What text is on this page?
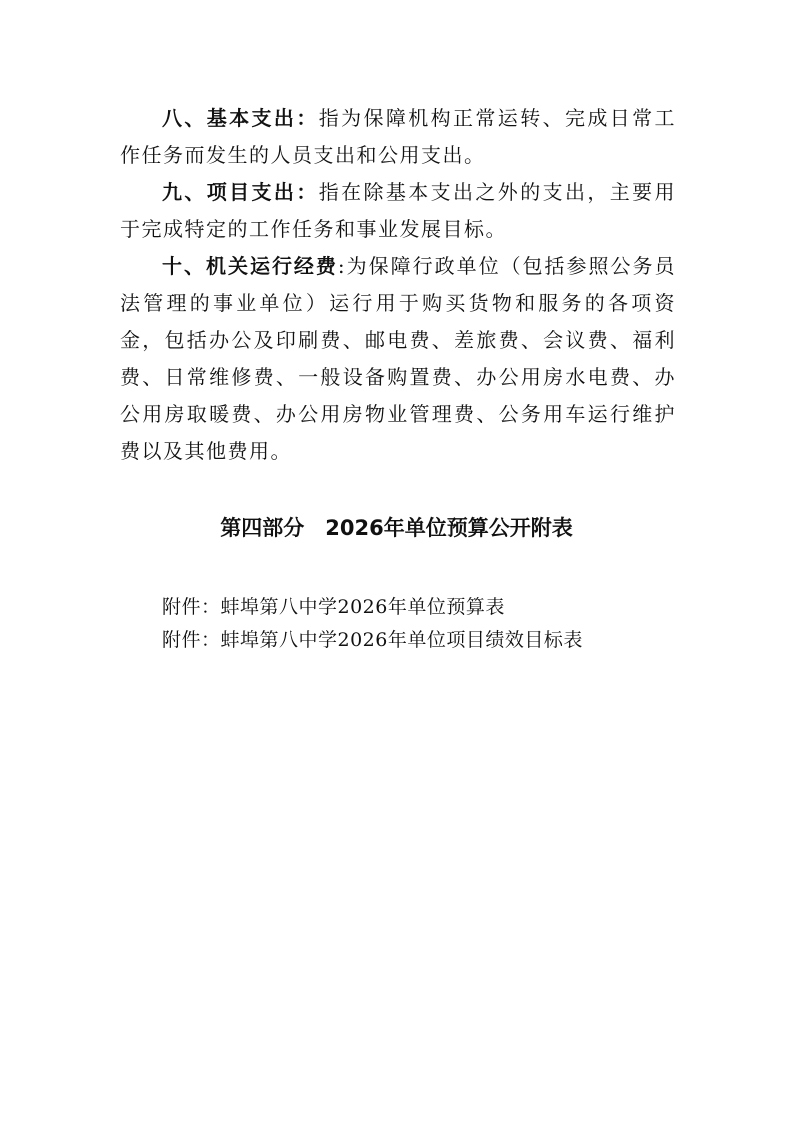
八、基本支出：指为保障机构正常运转、完成日常工作任务而发生的人员支出和公用支出。

九、项目支出：指在除基本支出之外的支出，主要用于完成特定的工作任务和事业发展目标。

十、机关运行经费:为保障行政单位（包括参照公务员法管理的事业单位）运行用于购买货物和服务的各项资金，包括办公及印刷费、邮电费、差旅费、会议费、福利费、日常维修费、一般设备购置费、办公用房水电费、办公用房取暖费、办公用房物业管理费、公务用车运行维护费以及其他费用。

第四部分　2026年单位预算公开附表
附件：蚌埠第八中学2026年单位预算表
附件：蚌埠第八中学2026年单位项目绩效目标表
